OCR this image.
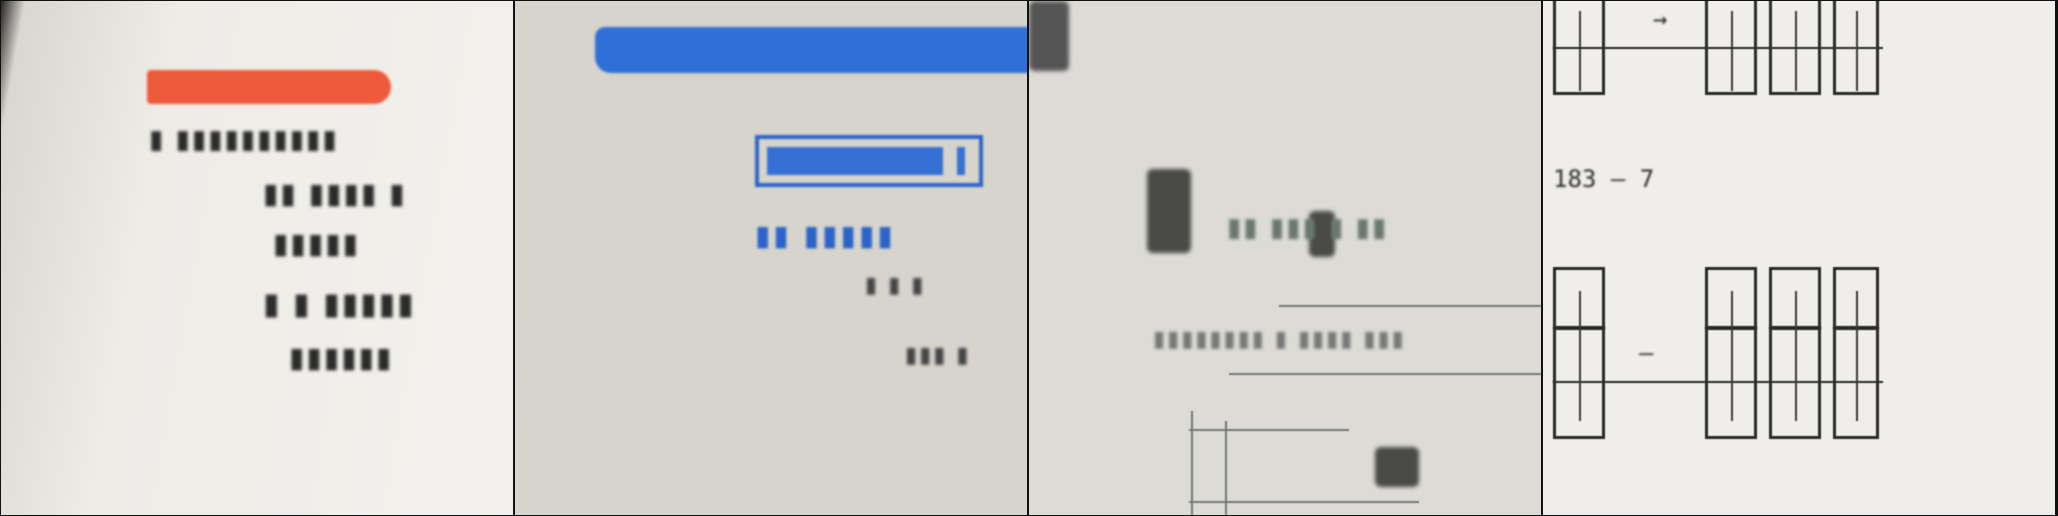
▮ ▮▮▮▮▮▮▮▮▮▮
▮▮ ▮▮▮▮ ▮
▮▮▮▮▮
▮ ▮ ▮▮▮▮▮
▮▮▮▮▮▮
▮▮ ▮▮▮▮▮
▮ ▮ ▮
▮▮▮ ▮
▮▮ ▮▮▮ ▮ ▮▮
▮▮▮▮▮▮▮▮ ▮ ▮▮▮▮ ▮▮▮
→
183 — 7
—
